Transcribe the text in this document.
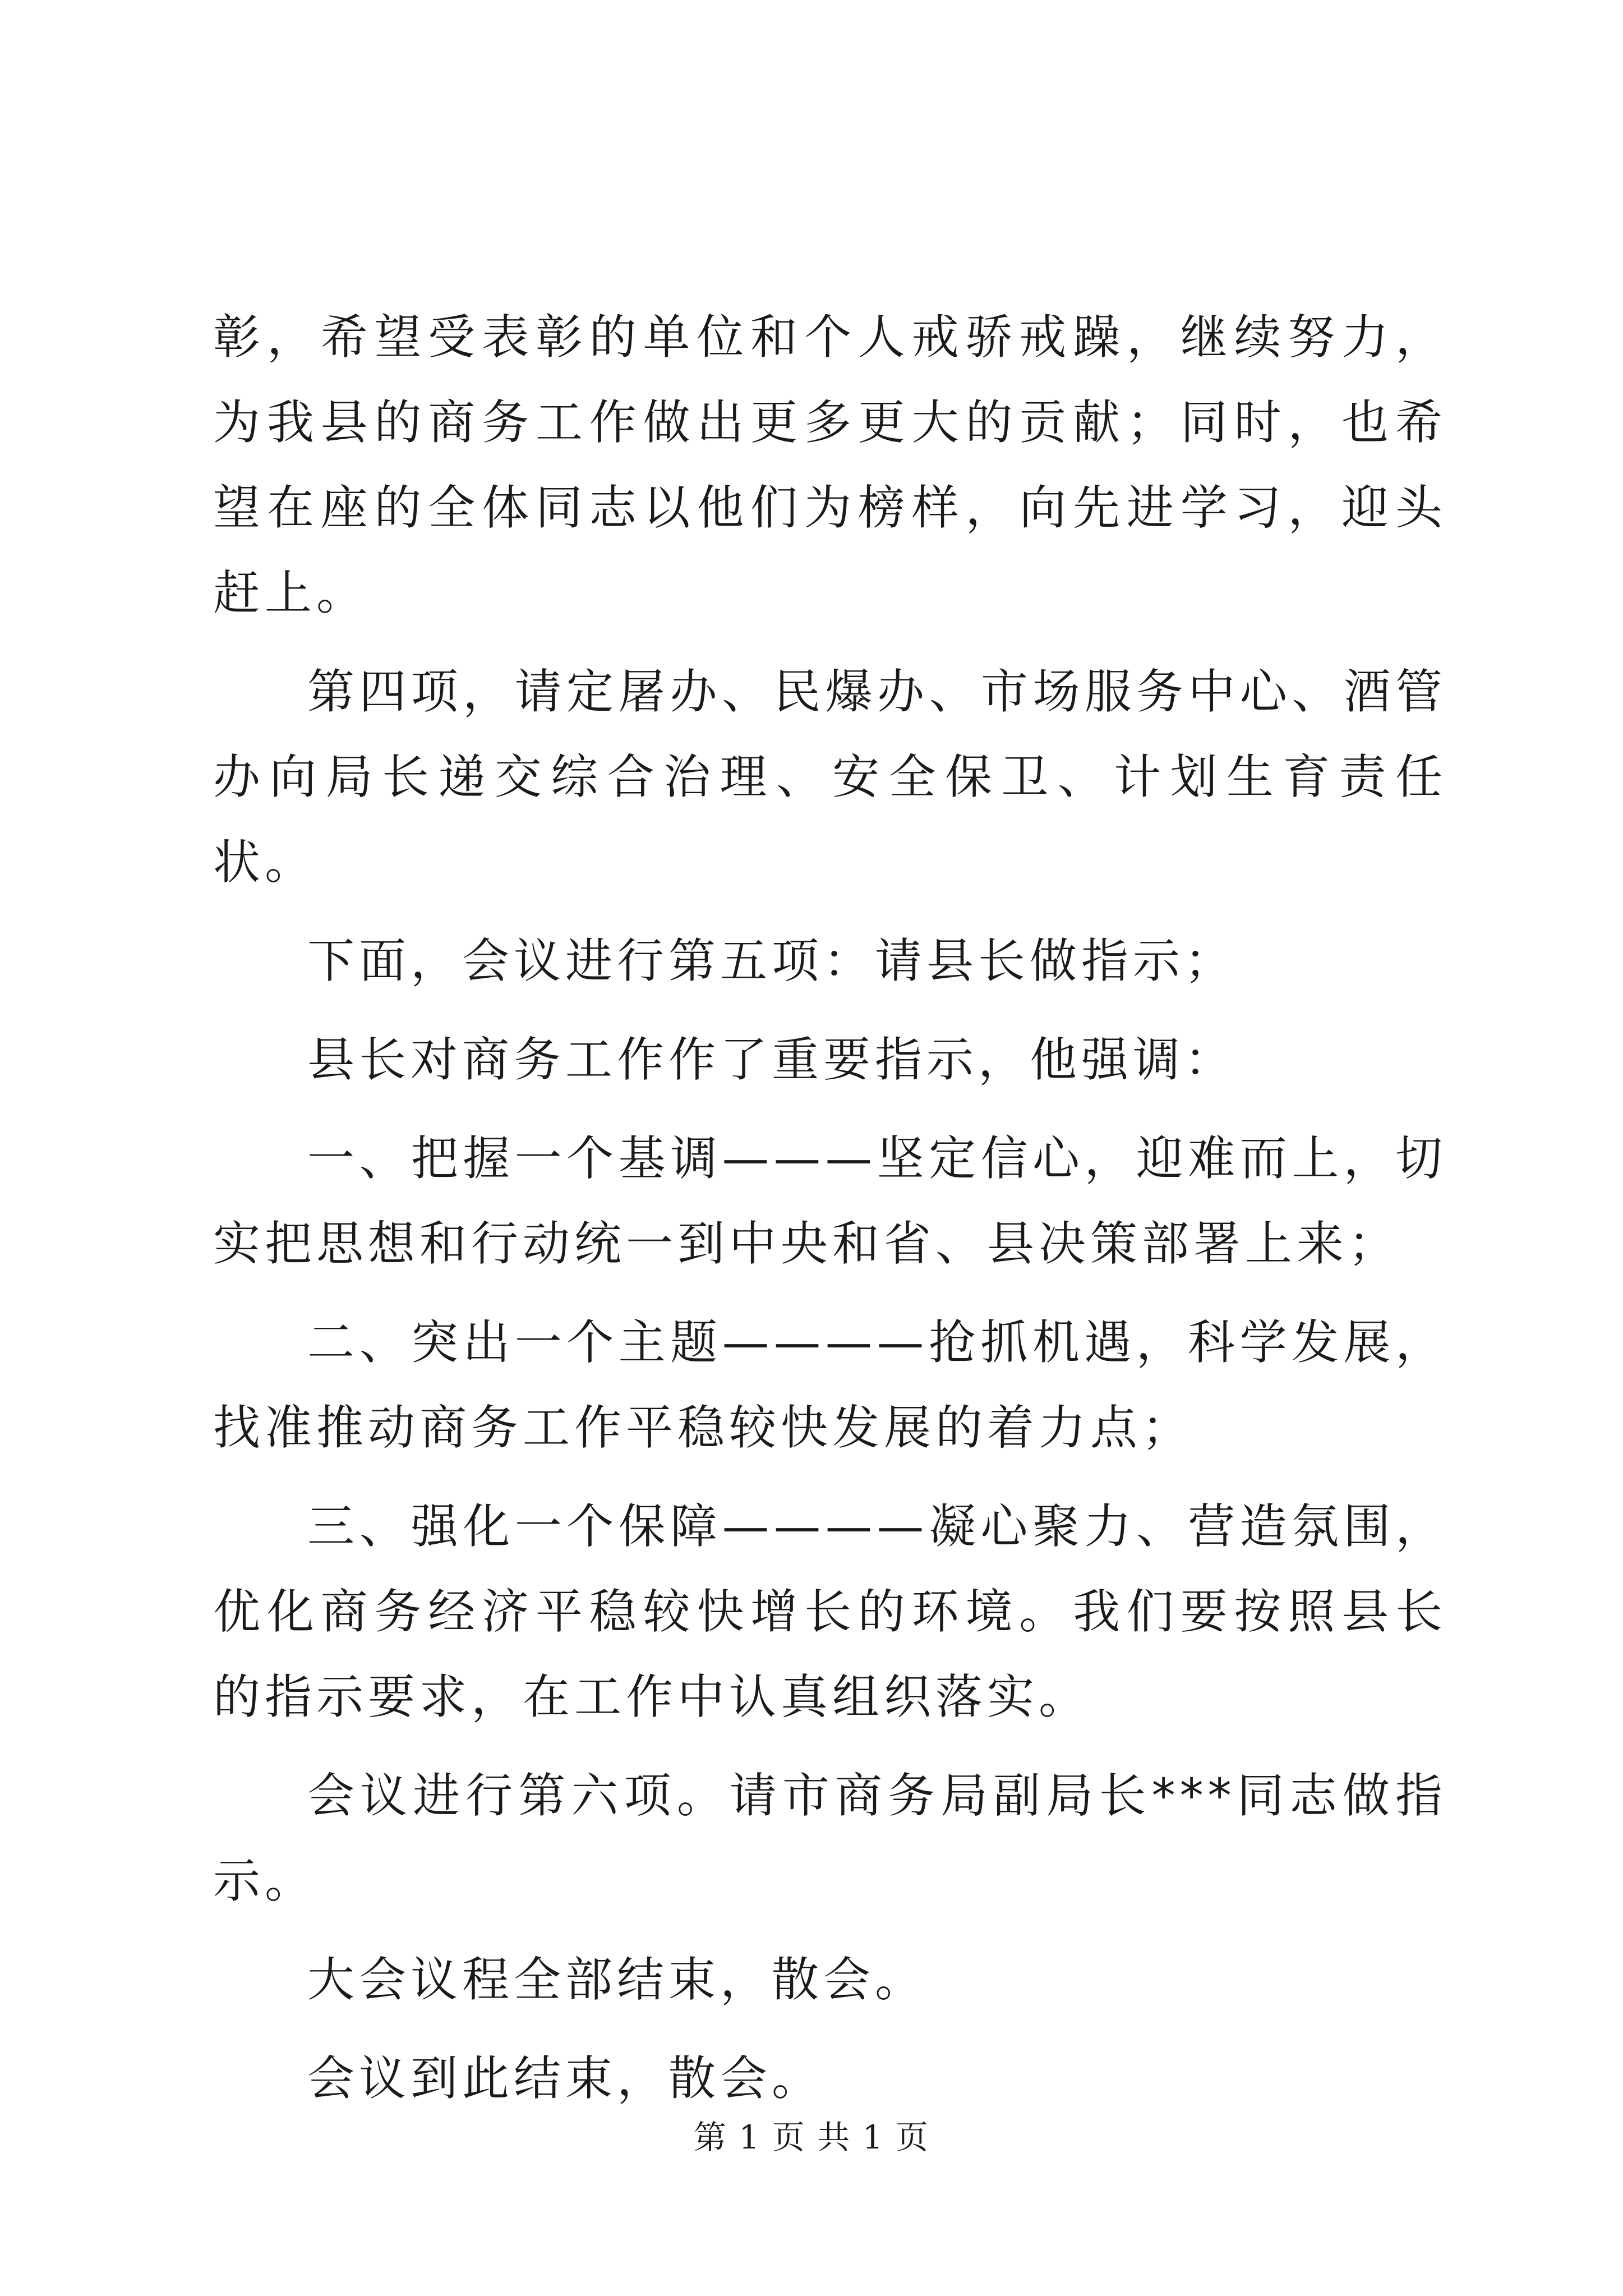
彰，希望受表彰的单位和个人戒骄戒躁，继续努力，为我县的商务工作做出更多更大的贡献；同时，也希望在座的全体同志以他们为榜样，向先进学习，迎头赶上。

第四项，请定屠办、民爆办、市场服务中心、酒管办向局长递交综合治理、安全保卫、计划生育责任状。

下面，会议进行第五项：请县长做指示；

县长对商务工作作了重要指示，他强调：

一、把握一个基调———坚定信心，迎难而上，切实把思想和行动统一到中央和省、县决策部署上来；

二、突出一个主题————抢抓机遇，科学发展，找准推动商务工作平稳较快发展的着力点；

三、强化一个保障————凝心聚力、营造氛围，优化商务经济平稳较快增长的环境。我们要按照县长的指示要求，在工作中认真组织落实。

会议进行第六项。请市商务局副局长***同志做指示。

大会议程全部结束，散会。

会议到此结束，散会。

第 1 页 共 1 页
